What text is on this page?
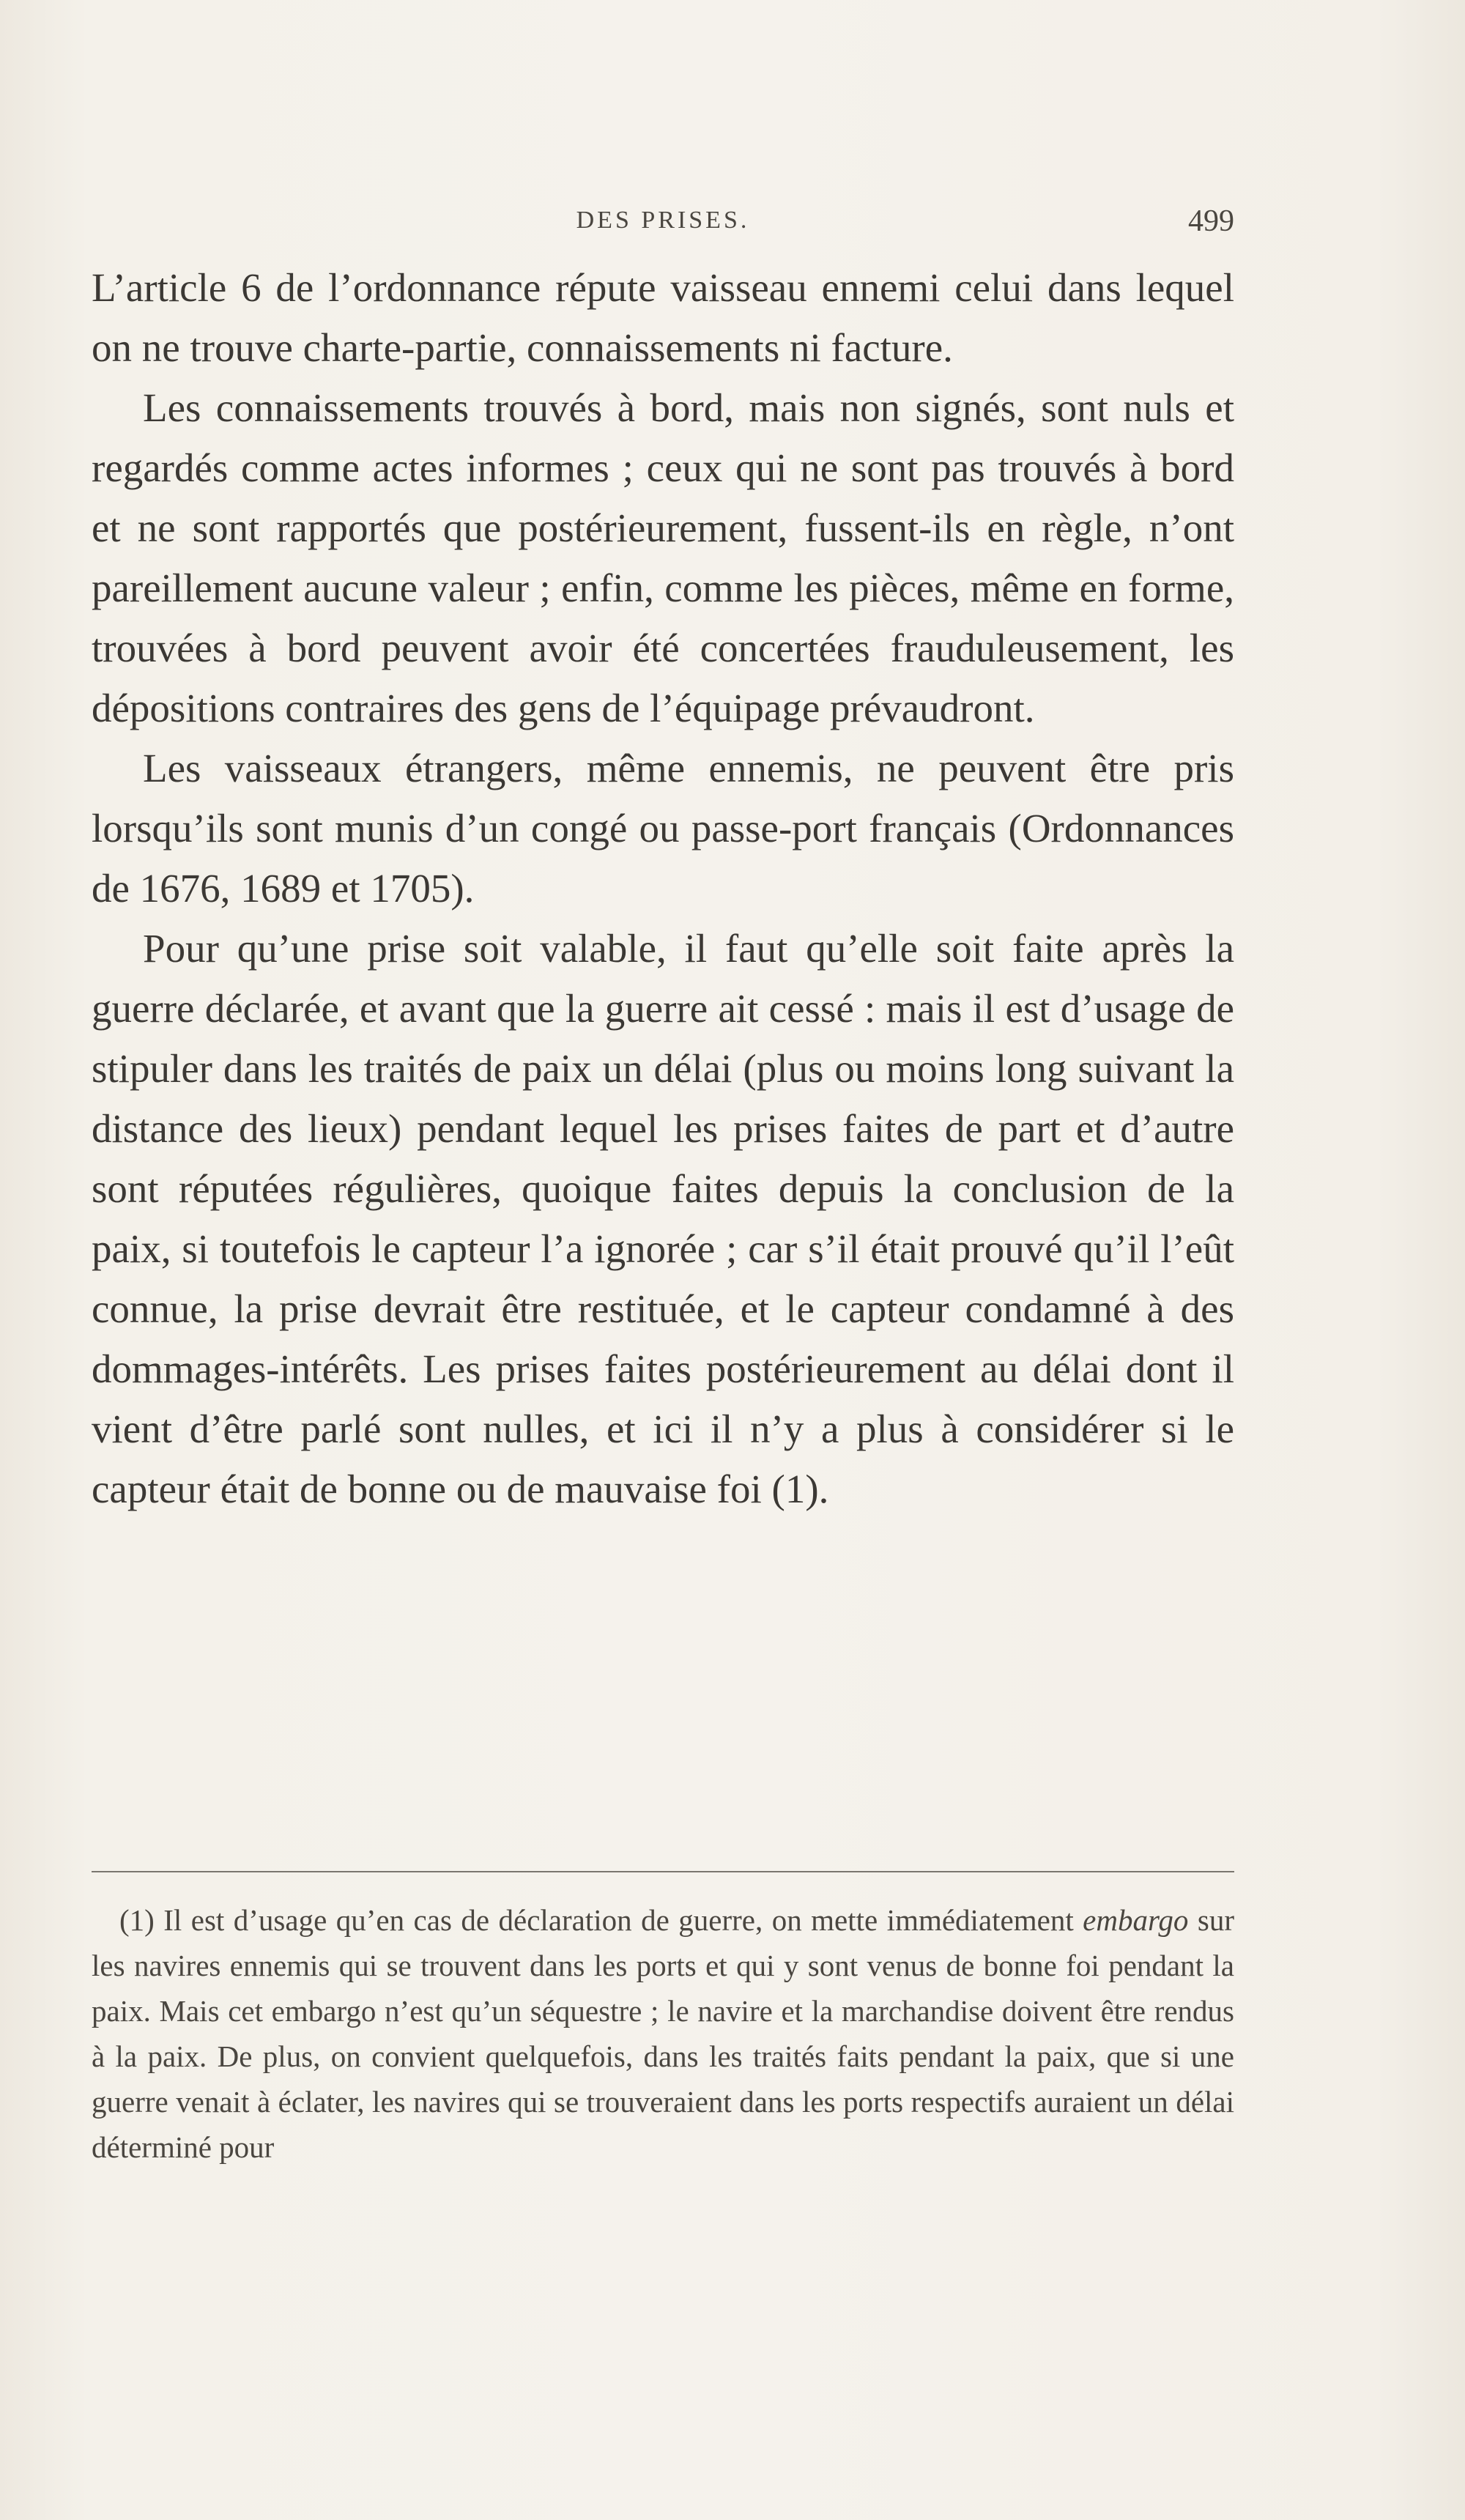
DES PRISES.	499

L’article 6 de l’ordonnance répute vaisseau ennemi celui dans lequel on ne trouve charte-partie, connaissements ni facture.

Les connaissements trouvés à bord, mais non signés, sont nuls et regardés comme actes informes ; ceux qui ne sont pas trouvés à bord et ne sont rapportés que postérieurement, fussent-ils en règle, n’ont pareillement aucune valeur ; enfin, comme les pièces, même en forme, trouvées à bord peuvent avoir été concertées frauduleusement, les dépositions contraires des gens de l’équipage prévaudront.

Les vaisseaux étrangers, même ennemis, ne peuvent être pris lorsqu’ils sont munis d’un congé ou passe-port français (Ordonnances de 1676, 1689 et 1705).

Pour qu’une prise soit valable, il faut qu’elle soit faite après la guerre déclarée, et avant que la guerre ait cessé : mais il est d’usage de stipuler dans les traités de paix un délai (plus ou moins long suivant la distance des lieux) pendant lequel les prises faites de part et d’autre sont réputées régulières, quoique faites depuis la conclusion de la paix, si toutefois le capteur l’a ignorée ; car s’il était prouvé qu’il l’eût connue, la prise devrait être restituée, et le capteur condamné à des dommages-intérêts. Les prises faites postérieurement au délai dont il vient d’être parlé sont nulles, et ici il n’y a plus à considérer si le capteur était de bonne ou de mauvaise foi (1).

(1) Il est d’usage qu’en cas de déclaration de guerre, on mette immédiatement embargo sur les navires ennemis qui se trouvent dans les ports et qui y sont venus de bonne foi pendant la paix. Mais cet embargo n’est qu’un séquestre ; le navire et la marchandise doivent être rendus à la paix. De plus, on convient quelquefois, dans les traités faits pendant la paix, que si une guerre venait à éclater, les navires qui se trouveraient dans les ports respectifs auraient un délai déterminé pour
